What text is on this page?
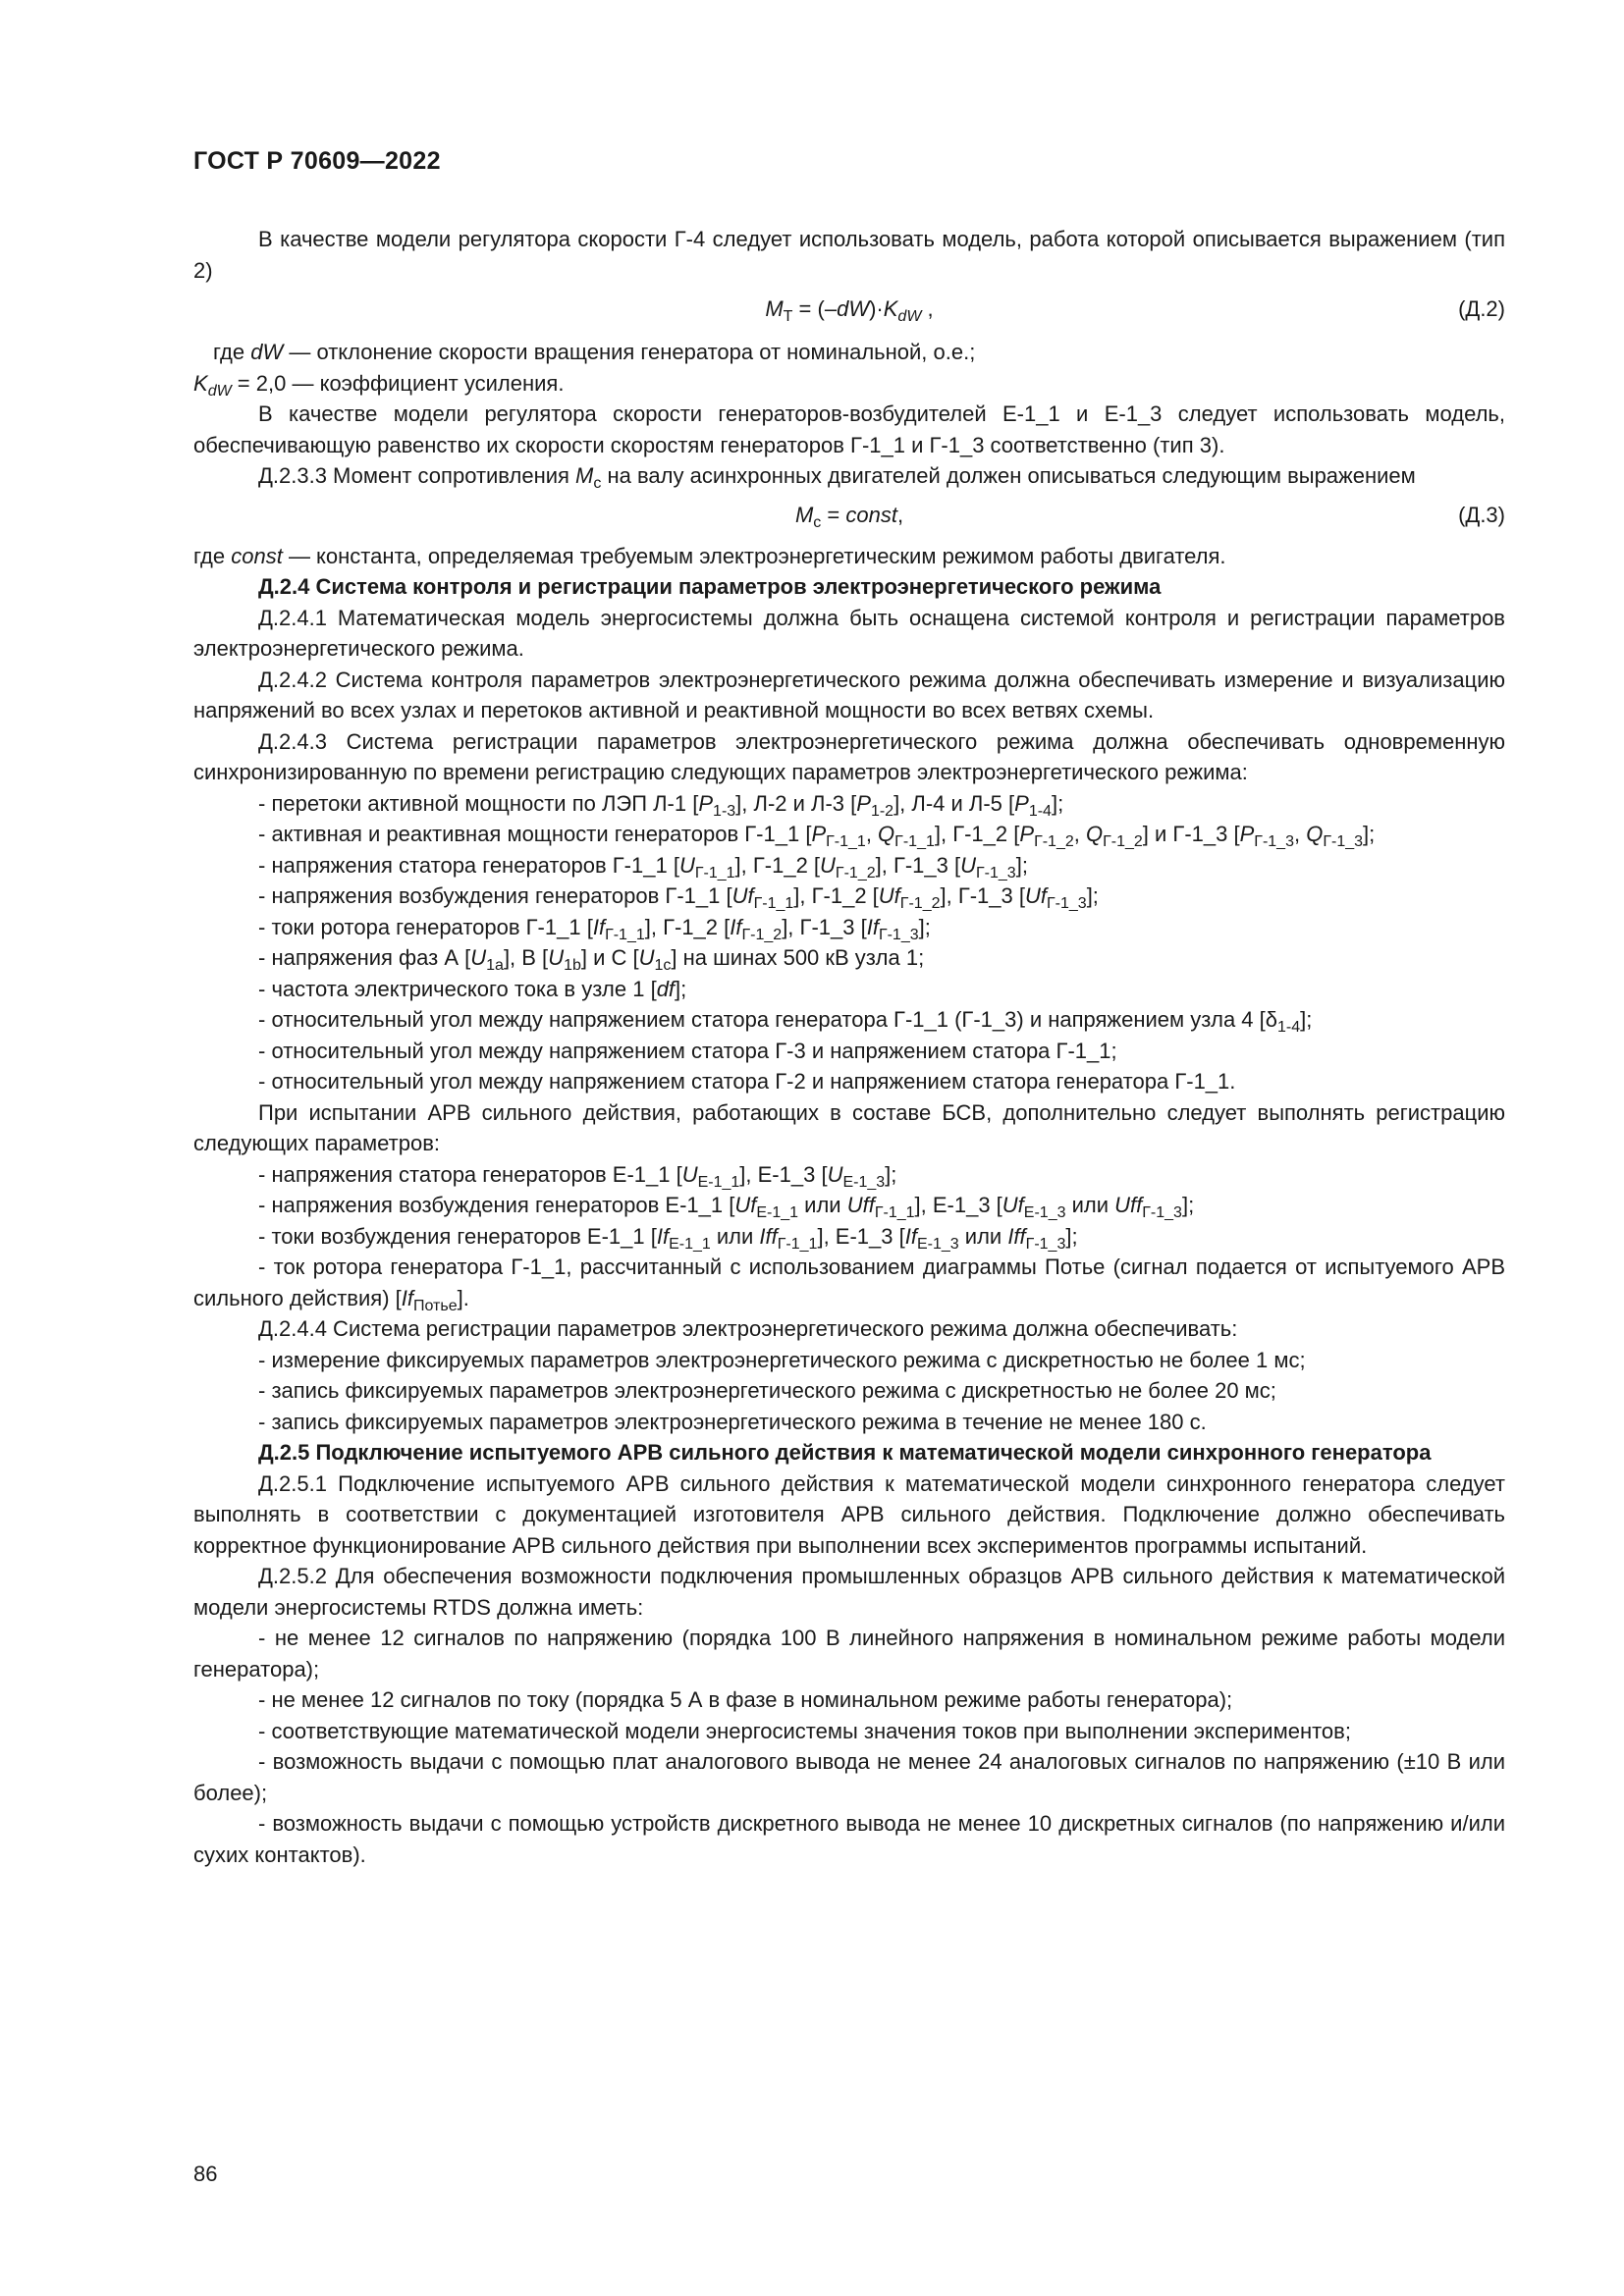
ГОСТ Р 70609—2022

В качестве модели регулятора скорости Г-4 следует использовать модель, работа которой описывается выражением (тип 2)

$M_Т = (-dW)\cdot K_{dW}$ ,	(Д.2)

где dW — отклонение скорости вращения генератора от номинальной, о.е.;

$K_{dW} = 2,0$ — коэффициент усиления.

В качестве модели регулятора скорости генераторов-возбудителей Е-1_1 и Е-1_3 следует использовать модель, обеспечивающую равенство их скорости скоростям генераторов Г-1_1 и Г-1_3 соответственно (тип 3).

Д.2.3.3 Момент сопротивления $M_с$ на валу асинхронных двигателей должен описываться следующим выражением

$M_с$ = const,	(Д.3)

где const — константа, определяемая требуемым электроэнергетическим режимом работы двигателя.

Д.2.4 Система контроля и регистрации параметров электроэнергетического режима

Д.2.4.1 Математическая модель энергосистемы должна быть оснащена системой контроля и регистрации параметров электроэнергетического режима.

Д.2.4.2 Система контроля параметров электроэнергетического режима должна обеспечивать измерение и визуализацию напряжений во всех узлах и перетоков активной и реактивной мощности во всех ветвях схемы.

Д.2.4.3 Система регистрации параметров электроэнергетического режима должна обеспечивать одновременную синхронизированную по времени регистрацию следующих параметров электроэнергетического режима:

- перетоки активной мощности по ЛЭП Л-1 $[P_{1-3}]$, Л-2 и Л-3 $[P_{1-2}]$, Л-4 и Л-5 $[P_{1-4}]$;

- активная и реактивная мощности генераторов Г-1_1 [$P_{Г-1\_1}$, $Q_{Г-1\_1}$], Г-1_2 [$P_{Г-1\_2}$, $Q_{Г-1\_2}$] и Г-1_3 [$P_{Г-1\_3}$, $Q_{Г-1\_3}$];

- напряжения статора генераторов Г-1_1 $[U_{Г-1\_1}]$, Г-1_2 $[U_{Г-1\_2}]$, Г-1_3 $[U_{Г-1\_3}]$;

- напряжения возбуждения генераторов Г-1_1 $[Uf_{Г-1\_1}]$, Г-1_2 $[Uf_{Г-1\_2}]$, Г-1_3 $[Uf_{Г-1\_3}]$;

- токи ротора генераторов Г-1_1 $[If_{Г-1\_1}]$, Г-1_2 $[If_{Г-1\_2}]$, Г-1_3 $[If_{Г-1\_3}]$;

- напряжения фаз А $[U_{1a}]$, В $[U_{1b}]$ и С $[U_{1c}]$ на шинах 500 кВ узла 1;

- частота электрического тока в узле 1 [df];

- относительный угол между напряжением статора генератора Г-1_1 (Г-1_3) и напряжением узла 4 $[\delta_{1-4}]$;

- относительный угол между напряжением статора Г-3 и напряжением статора Г-1_1;

- относительный угол между напряжением статора Г-2 и напряжением статора генератора Г-1_1.

При испытании АРВ сильного действия, работающих в составе БСВ, дополнительно следует выполнять регистрацию следующих параметров:

- напряжения статора генераторов Е-1_1 $[U_{Е-1\_1}]$, Е-1_3 $[U_{Е-1\_3}]$;

- напряжения возбуждения генераторов Е-1_1 [$Uf_{Е-1\_1}$ или Uff$_{Г-1\_1}$], Е-1_3 [$Uf_{Е-1\_3}$ или Uff$_{Г-1\_3}$];

- токи возбуждения генераторов Е-1_1 [$If_{Е-1\_1}$ или Iff$_{Г-1\_1}$], Е-1_3 [$If_{Е-1\_3}$ или Iff$_{Г-1\_3}$];

- ток ротора генератора Г-1_1, рассчитанный с использованием диаграммы Потье (сигнал подается от испытуемого АРВ сильного действия) $[If_{Потье}]$.

Д.2.4.4 Система регистрации параметров электроэнергетического режима должна обеспечивать:

- измерение фиксируемых параметров электроэнергетического режима с дискретностью не более 1 мс;

- запись фиксируемых параметров электроэнергетического режима с дискретностью не более 20 мс;

- запись фиксируемых параметров электроэнергетического режима в течение не менее 180 с.

Д.2.5 Подключение испытуемого АРВ сильного действия к математической модели синхронного генератора

Д.2.5.1 Подключение испытуемого АРВ сильного действия к математической модели синхронного генератора следует выполнять в соответствии с документацией изготовителя АРВ сильного действия. Подключение должно обеспечивать корректное функционирование АРВ сильного действия при выполнении всех экспериментов программы испытаний.

Д.2.5.2 Для обеспечения возможности подключения промышленных образцов АРВ сильного действия к математической модели энергосистемы RTDS должна иметь:

- не менее 12 сигналов по напряжению (порядка 100 В линейного напряжения в номинальном режиме работы модели генератора);

- не менее 12 сигналов по току (порядка 5 А в фазе в номинальном режиме работы генератора);

- соответствующие математической модели энергосистемы значения токов при выполнении экспериментов;

- возможность выдачи с помощью плат аналогового вывода не менее 24 аналоговых сигналов по напряжению (±10 В или более);

- возможность выдачи с помощью устройств дискретного вывода не менее 10 дискретных сигналов (по напряжению и/или сухих контактов).

86
